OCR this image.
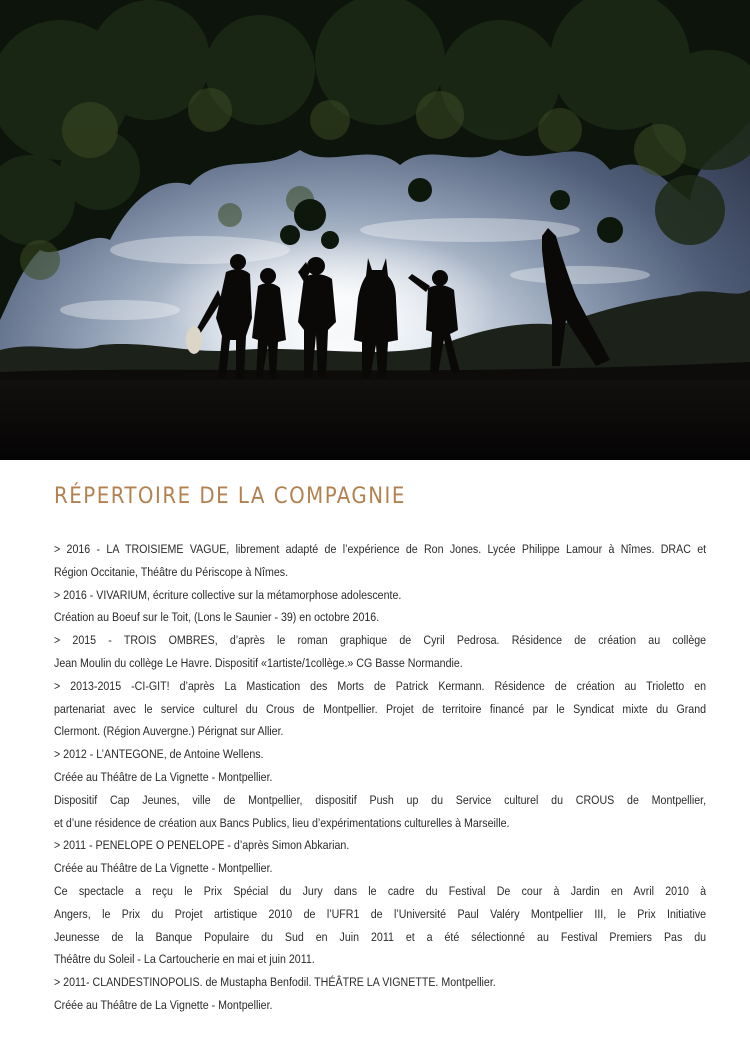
RÉPERTOIRE DE LA COMPAGNIE
> 2016 - LA TROISIEME VAGUE, librement adapté de l’expérience de Ron Jones. Lycée Philippe Lamour à Nîmes. DRAC et
Région Occitanie, Théâtre du Périscope à Nîmes.
> 2016 - VIVARIUM, écriture collective sur la métamorphose adolescente.
Création au Boeuf sur le Toit, (Lons le Saunier - 39) en octobre 2016.
> 2015 - TROIS OMBRES, d’après le roman graphique de Cyril Pedrosa. Résidence de création au collège
Jean Moulin du collège Le Havre. Dispositif «1artiste/1collège.» CG Basse Normandie.
> 2013-2015 -CI-GIT! d’après La Mastication des Morts de Patrick Kermann. Résidence de création au Trioletto en
partenariat avec le service culturel du Crous de Montpellier. Projet de territoire financé par le Syndicat mixte du Grand
Clermont. (Région Auvergne.) Pérignat sur Allier.
> 2012 - L’ANTEGONE, de Antoine Wellens.
Créée au Théâtre de La Vignette - Montpellier.
Dispositif Cap Jeunes, ville de Montpellier, dispositif Push up du Service culturel du CROUS de Montpellier,
et d’une résidence de création aux Bancs Publics, lieu d’expérimentations culturelles à Marseille.
> 2011 - PENELOPE O PENELOPE - d’après Simon Abkarian.
Créée au Théâtre de La Vignette - Montpellier.
Ce spectacle a reçu le Prix Spécial du Jury dans le cadre du Festival De cour à Jardin en Avril 2010 à
Angers, le Prix du Projet artistique 2010 de l’UFR1 de l’Université Paul Valéry Montpellier III, le Prix Initiative
Jeunesse de la Banque Populaire du Sud en Juin 2011 et a été sélectionné au Festival Premiers Pas du
Théâtre du Soleil - La Cartoucherie en mai et juin 2011.
> 2011- CLANDESTINOPOLIS. de Mustapha Benfodil. THÉÂTRE LA VIGNETTE. Montpellier.
Créée au Théâtre de La Vignette - Montpellier.
